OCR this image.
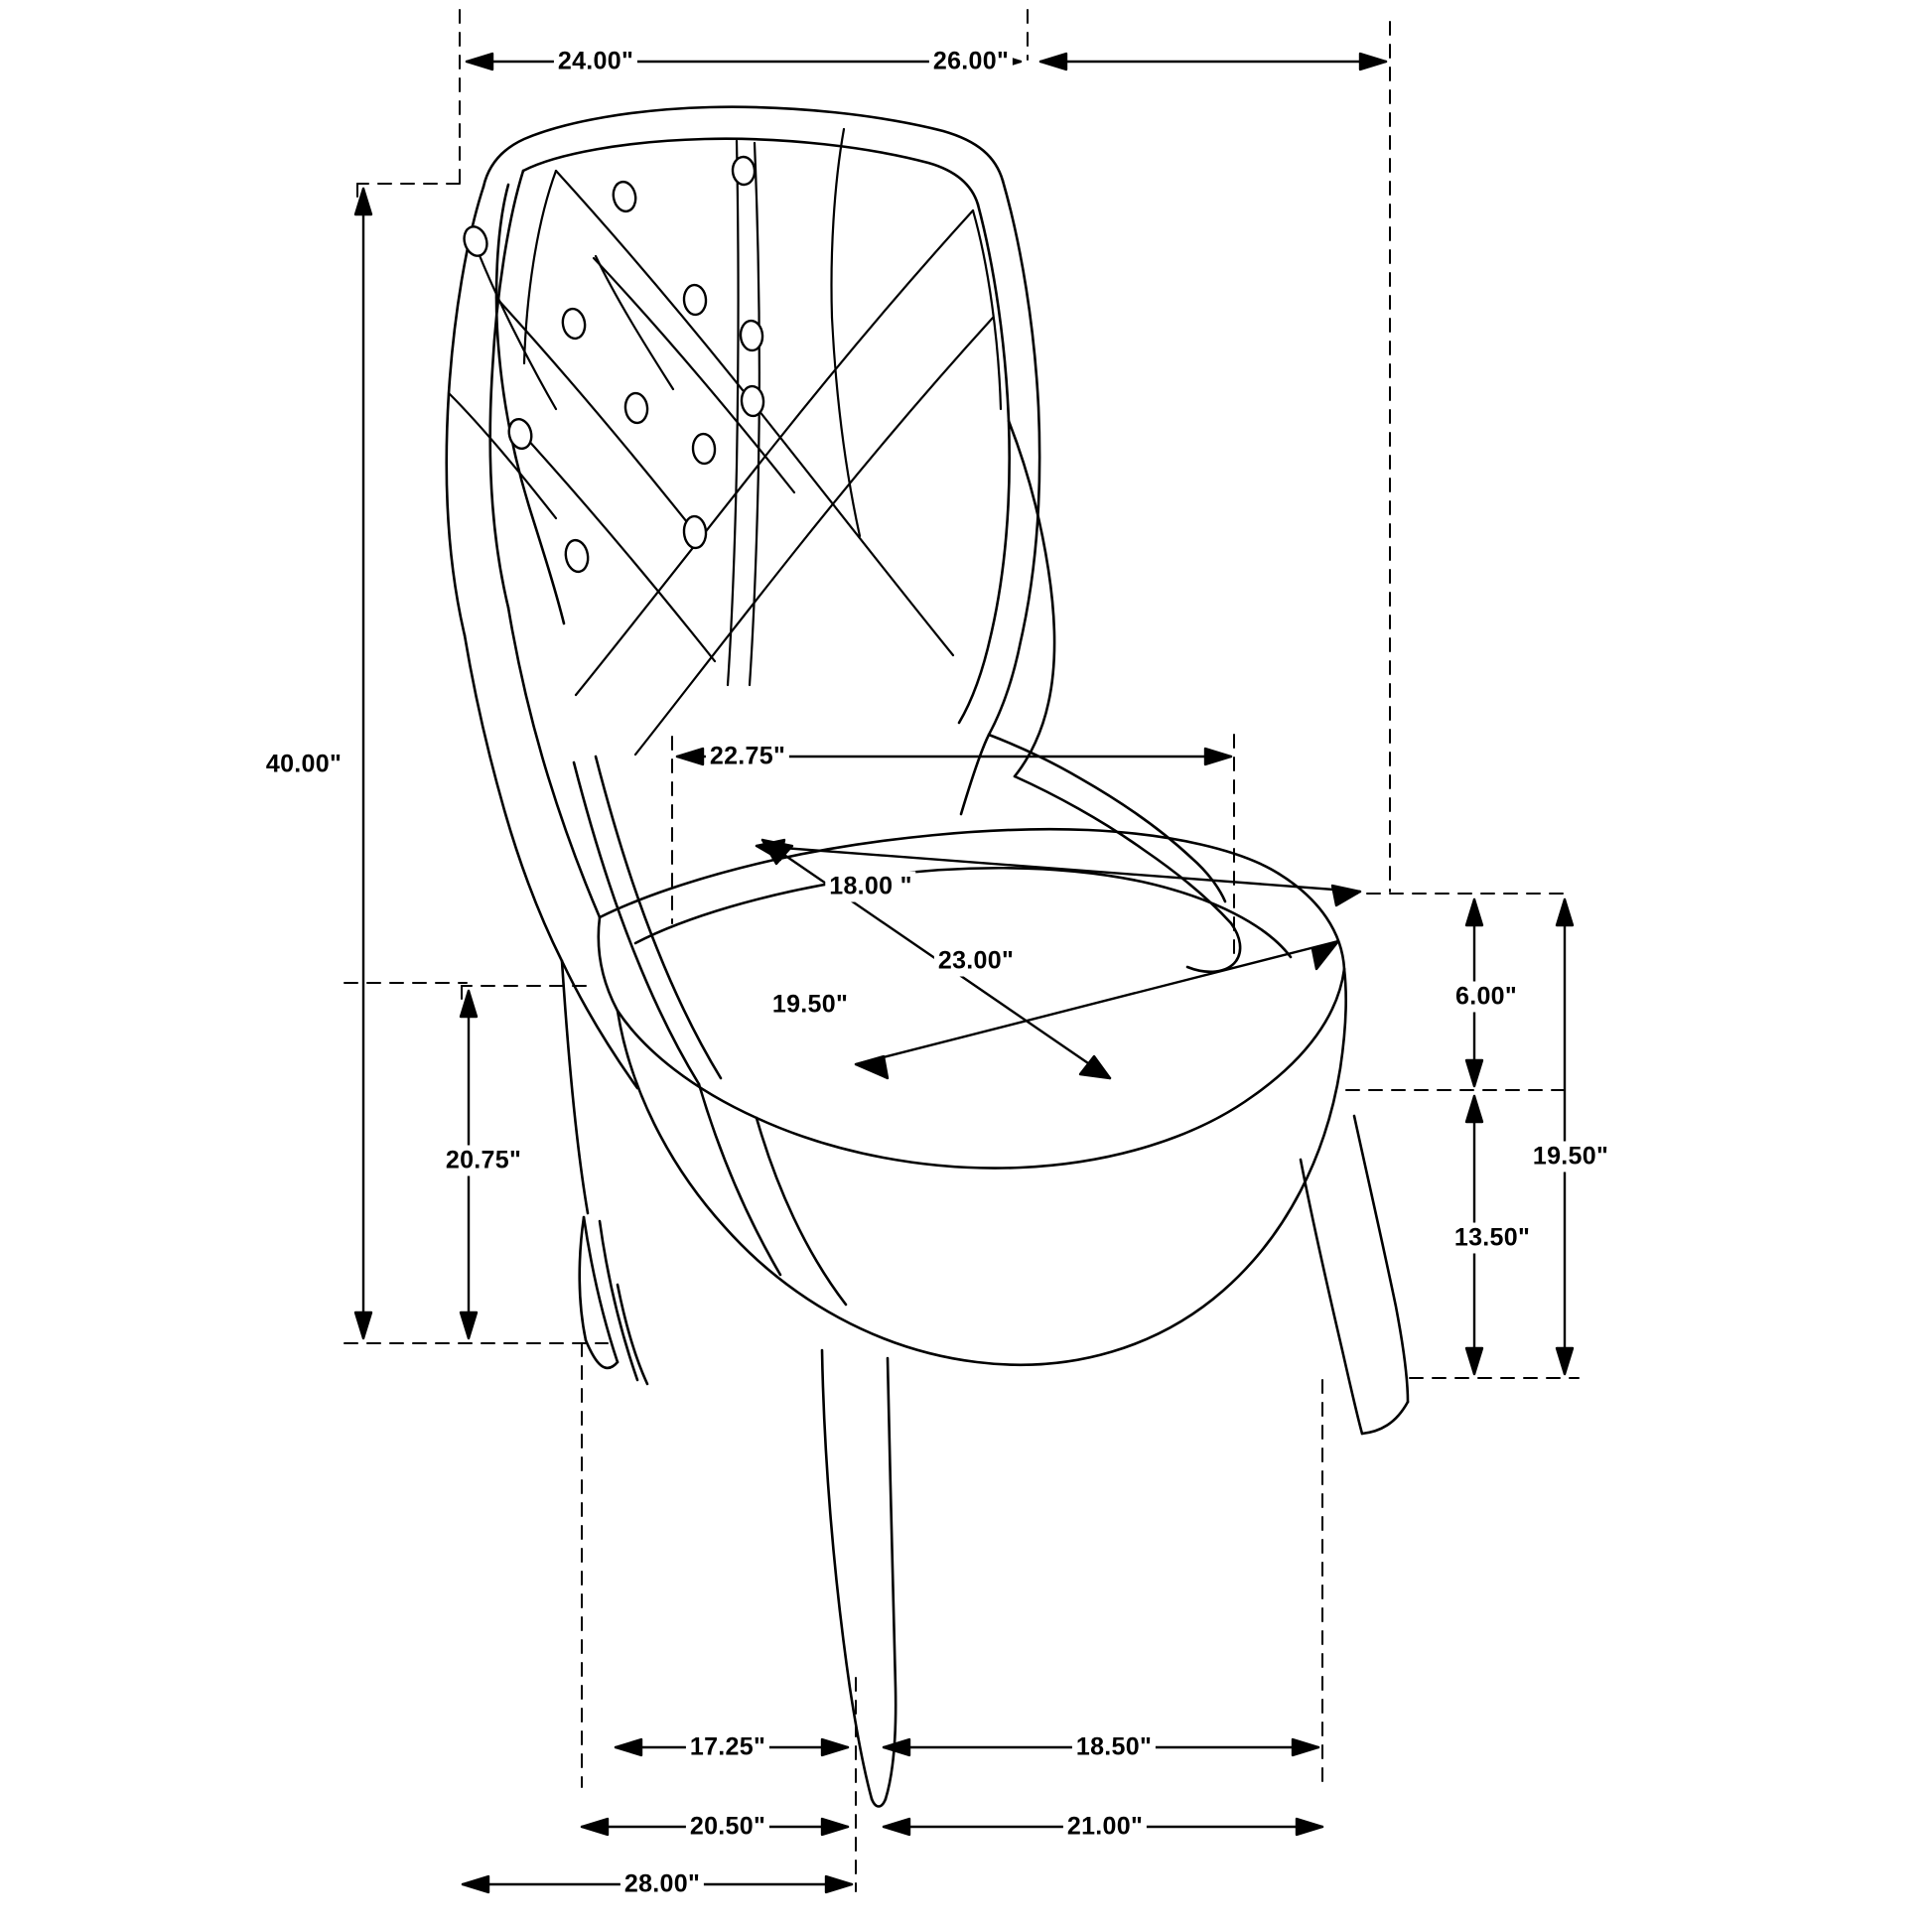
24.00"	26.00"
40.00"	22.75"
18.00 "
23.00"
19.50"
20.75"
6.00"
19.50"
13.50"
17.25"	18.50"
20.50"	21.00"
28.00"
